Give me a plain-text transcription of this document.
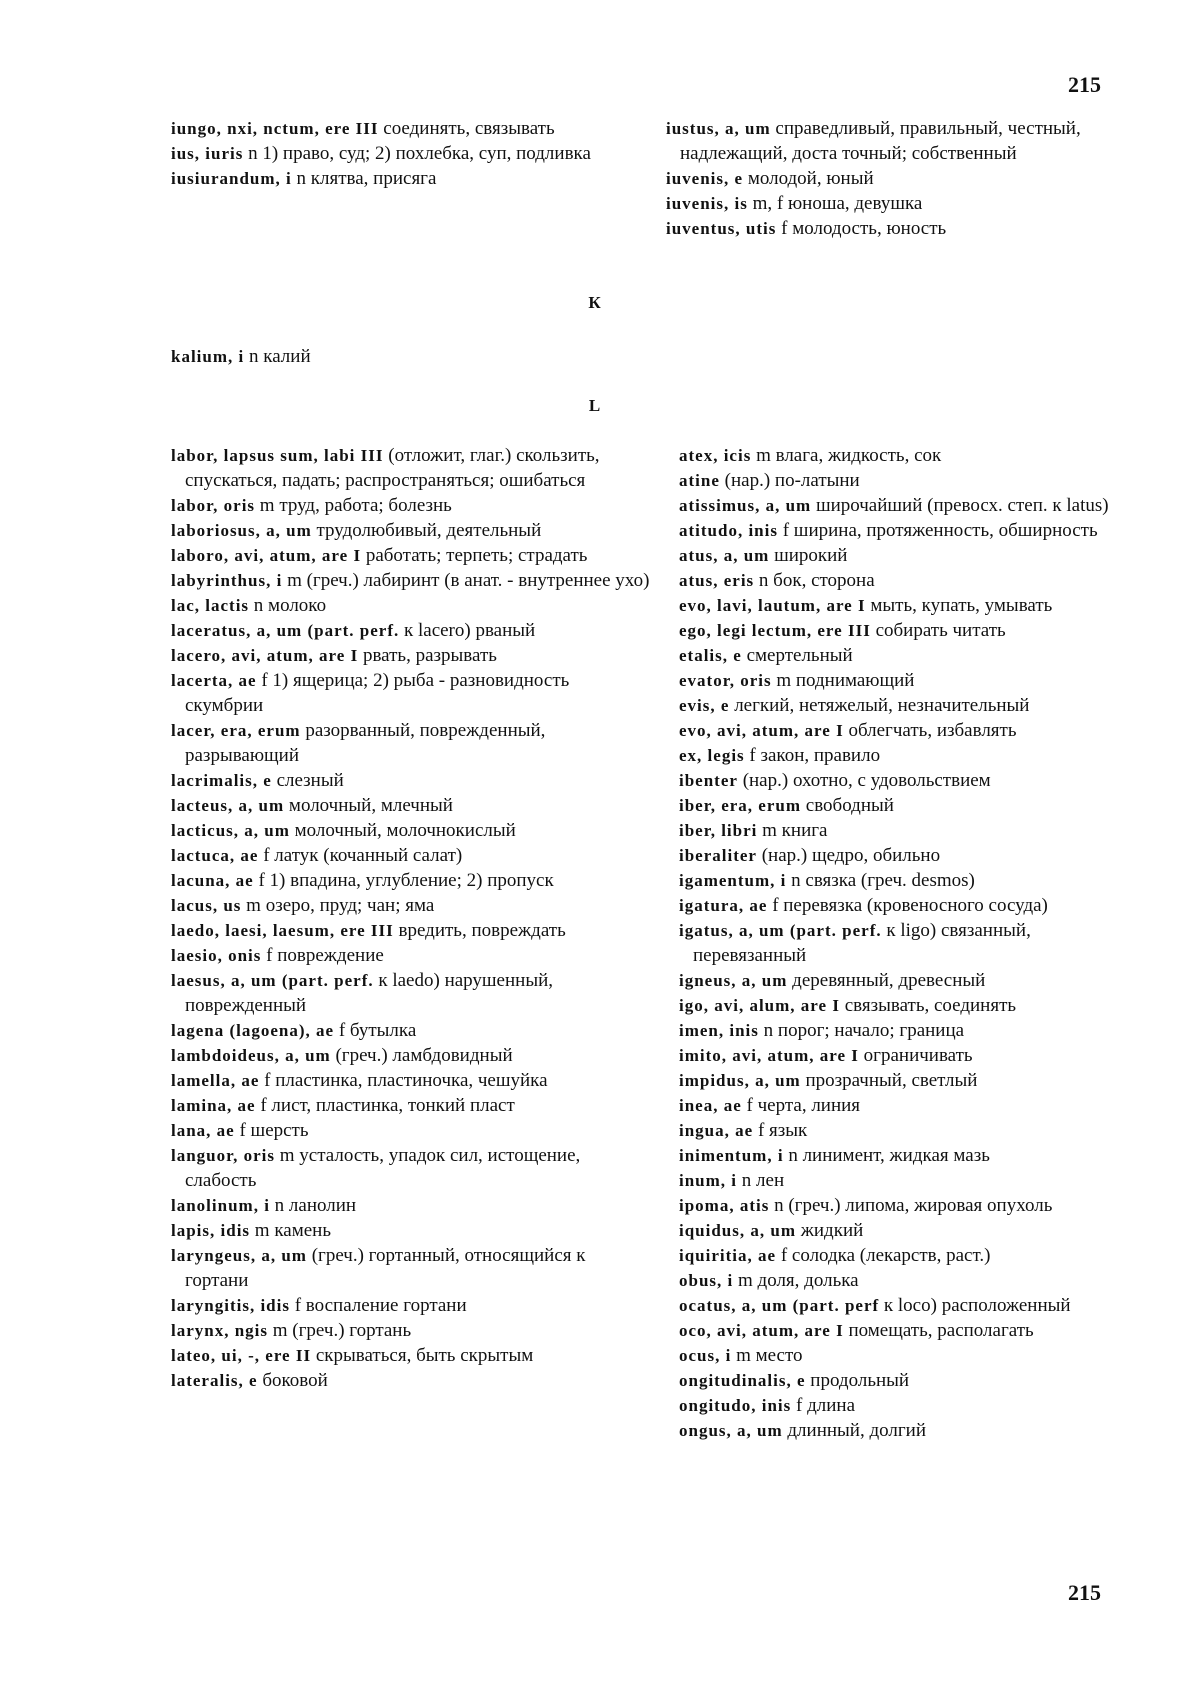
215

iungo, nxi, nctum, ere III соединять, связывать

ius, iuris n 1) право, суд; 2) похлебка, суп, подливка

iusiurandum, i n клятва, присяга

iustus, a, um справедливый, правильный, честный, надлежащий, доста точный; собственный

iuvenis, e молодой, юный

iuvenis, is m, f юноша, девушка

iuventus, utis f молодость, юность

К
kalium, i n калий
L

labor, lapsus sum, labi III (отложит, глаг.) скользить, спускаться, падать; распространяться; ошибаться

labor, oris m труд, работа; болезнь

laboriosus, a, um трудолюбивый, деятельный

laboro, avi, atum, are I работать; терпеть; страдать

labyrinthus, i m (греч.) лабиринт (в анат. - внутреннее ухо)

lac, lactis n молоко

laceratus, a, um (part. perf. к lacero) рваный

lacero, avi, atum, are I рвать, разрывать

lacerta, ae f 1) ящерица; 2) рыба - разновидность скумбрии

lacer, era, erum разорванный, поврежденный, разрывающий

lacrimalis, e слезный

lacteus, a, um молочный, млечный

lacticus, a, um молочный, молочнокислый

lactuca, ae f латук (кочанный салат)

lacuna, ae f 1) впадина, углубление; 2) пропуск

lacus, us m озеро, пруд; чан; яма

laedo, laesi, laesum, ere III вредить, повреждать

laesio, onis f повреждение

laesus, a, um (part. perf. к laedo) нарушенный, поврежденный

lagena (lagoena), ae f бутылка

lambdoideus, a, um (греч.) ламбдовидный

lamella, ae f пластинка, пластиночка, чешуйка

lamina, ae f лист, пластинка, тонкий пласт

lana, ae f шерсть

languor, oris m усталость, упадок сил, истощение, слабость

lanolinum, i n ланолин

lapis, idis m камень

laryngeus, a, um (греч.) гортанный, относящийся к гортани

laryngitis, idis f воспаление гортани

larynx, ngis m (греч.) гортань

lateo, ui, -, ere II скрываться, быть скрытым

lateralis, e боковой

atex, icis m влага, жидкость, сок

atine (нар.) по-латыни

atissimus, a, um широчайший (превосх. степ. к latus)

atitudo, inis f ширина, протяженность, обширность

atus, a, um широкий

atus, eris n бок, сторона

evo, lavi, lautum, are I мыть, купать, умывать

ego, legi lectum, ere III собирать читать

etalis, e смертельный

evator, oris m поднимающий

evis, e легкий, нетяжелый, незначительный

evo, avi, atum, are I облегчать, избавлять

ex, legis f закон, правило

ibenter (нар.) охотно, с удовольствием

iber, era, erum свободный

iber, libri m книга

iberaliter (нар.) щедро, обильно

igamentum, i n связка (греч. desmos)

igatura, ae f перевязка (кровеносного сосуда)

igatus, a, um (part. perf. к ligo) связанный, перевязанный

igneus, a, um деревянный, древесный

igo, avi, alum, are I связывать, соединять

imen, inis n порог; начало; граница

imito, avi, atum, are I ограничивать

impidus, a, um прозрачный, светлый

inea, ae f черта, линия

ingua, ae f язык

inimentum, i n линимент, жидкая мазь

inum, i n лен

ipoma, atis n (греч.) липома, жировая опухоль

iquidus, a, um жидкий

iquiritia, ae f солодка (лекарств, раст.)

obus, i m доля, долька

ocatus, a, um (part. perf к loco) расположенный

oco, avi, atum, are I помещать, располагать

ocus, i m место

ongitudinalis, e продольный

ongitudo, inis f длина

ongus, a, um длинный, долгий

215
